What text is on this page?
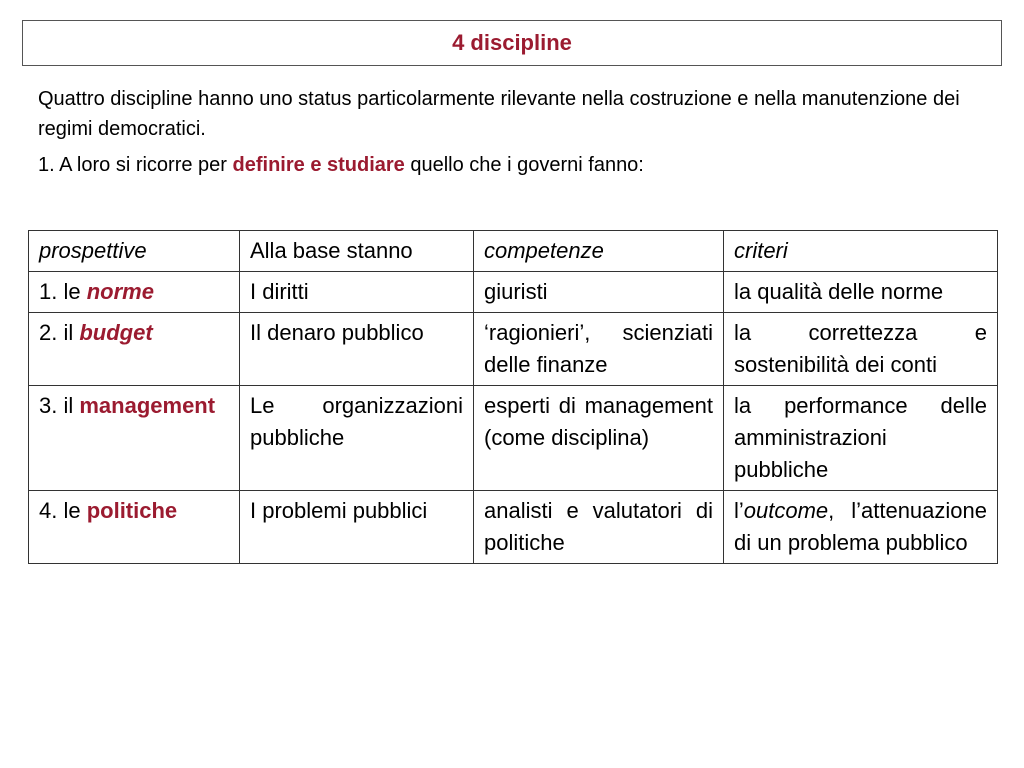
4 discipline

Quattro discipline hanno uno status particolarmente rilevante nella costruzione e nella manutenzione dei regimi democratici.

1. A loro si ricorre per definire e studiare quello che i governi fanno:

prospettive	Alla base stanno	competenze	criteri
1. le norme	I diritti	giuristi	la qualità delle norme
2. il budget	Il denaro pubblico	‘ragionieri’, scienziati delle finanze	la correttezza e sostenibilità dei conti
3. il management	Le organizzazioni pubbliche	esperti di management (come disciplina)	la performance delle amministrazioni pubbliche
4. le politiche	I problemi pubblici	analisti e valutatori di politiche	l’outcome, l’attenuazione di un problema pubblico
